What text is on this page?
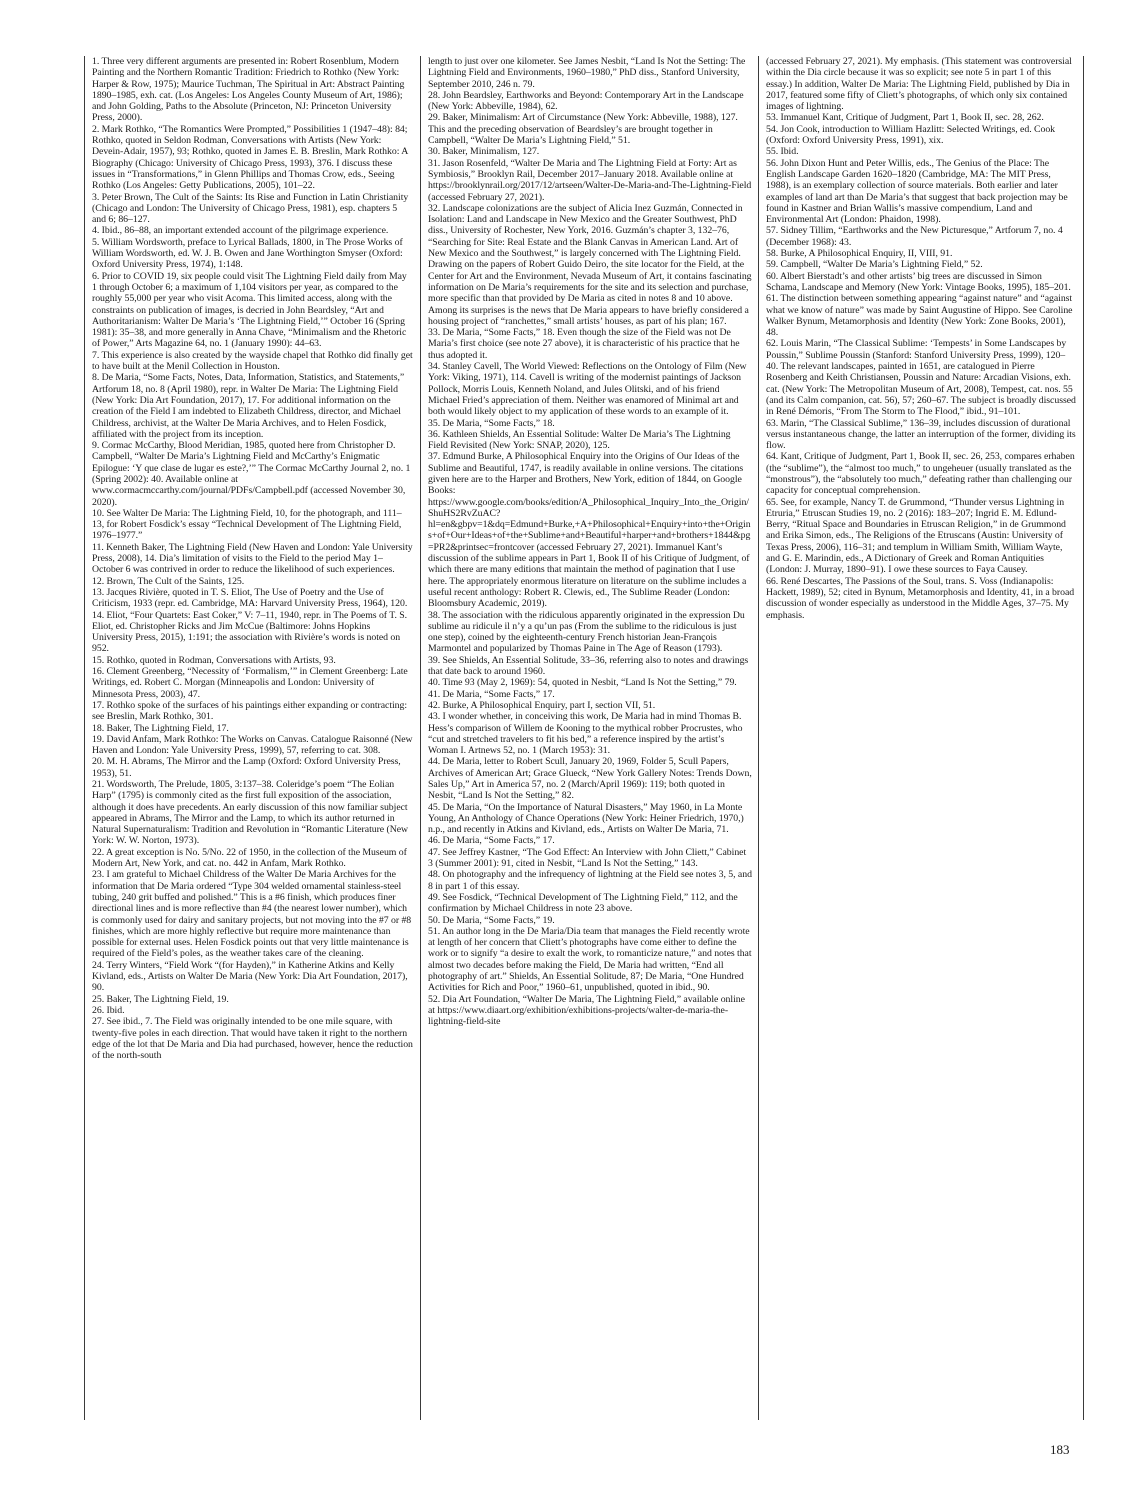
1. Three very different arguments are presented in: Robert Rosenblum, Modern Painting and the Northern Romantic Tradition: Friedrich to Rothko (New York: Harper & Row, 1975); Maurice Tuchman, The Spiritual in Art: Abstract Painting 1890–1985, exh. cat. (Los Angeles: Los Angeles County Museum of Art, 1986); and John Golding, Paths to the Absolute (Princeton, NJ: Princeton University Press, 2000).

2. Mark Rothko, “The Romantics Were Prompted,” Possibilities 1 (1947–48): 84; Rothko, quoted in Seldon Rodman, Conversations with Artists (New York: Devein-Adair, 1957), 93; Rothko, quoted in James E. B. Breslin, Mark Rothko: A Biography (Chicago: University of Chicago Press, 1993), 376. I discuss these issues in “Transformations,” in Glenn Phillips and Thomas Crow, eds., Seeing Rothko (Los Angeles: Getty Publications, 2005), 101–22.

3. Peter Brown, The Cult of the Saints: Its Rise and Function in Latin Christianity (Chicago and London: The University of Chicago Press, 1981), esp. chapters 5 and 6; 86–127.

4. Ibid., 86–88, an important extended account of the pilgrimage experience.

5. William Wordsworth, preface to Lyrical Ballads, 1800, in The Prose Works of William Wordsworth, ed. W. J. B. Owen and Jane Worthington Smyser (Oxford: Oxford University Press, 1974), 1:148.

6. Prior to COVID 19, six people could visit The Lightning Field daily from May 1 through October 6; a maximum of 1,104 visitors per year, as compared to the roughly 55,000 per year who visit Acoma. This limited access, along with the constraints on publication of images, is decried in John Beardsley, “Art and Authoritarianism: Walter De Maria’s ‘The Lightning Field,’” October 16 (Spring 1981): 35–38, and more generally in Anna Chave, “Minimalism and the Rhetoric of Power,” Arts Magazine 64, no. 1 (January 1990): 44–63.

7. This experience is also created by the wayside chapel that Rothko did finally get to have built at the Menil Collection in Houston.

8. De Maria, “Some Facts, Notes, Data, Information, Statistics, and Statements,” Artforum 18, no. 8 (April 1980), repr. in Walter De Maria: The Lightning Field (New York: Dia Art Foundation, 2017), 17. For additional information on the creation of the Field I am indebted to Elizabeth Childress, director, and Michael Childress, archivist, at the Walter De Maria Archives, and to Helen Fosdick, affiliated with the project from its inception.

9. Cormac McCarthy, Blood Meridian, 1985, quoted here from Christopher D. Campbell, “Walter De Maria’s Lightning Field and McCarthy’s Enigmatic Epilogue: ‘Y que clase de lugar es este?,’” The Cormac McCarthy Journal 2, no. 1 (Spring 2002): 40. Available online at www.cormacmccarthy.com/journal/PDFs/Campbell.pdf (accessed November 30, 2020).

10. See Walter De Maria: The Lightning Field, 10, for the photograph, and 111–13, for Robert Fosdick’s essay “Technical Development of The Lightning Field, 1976–1977.”

11. Kenneth Baker, The Lightning Field (New Haven and London: Yale University Press, 2008), 14. Dia’s limitation of visits to the Field to the period May 1–October 6 was contrived in order to reduce the likelihood of such experiences.

12. Brown, The Cult of the Saints, 125.

13. Jacques Rivière, quoted in T. S. Eliot, The Use of Poetry and the Use of Criticism, 1933 (repr. ed. Cambridge, MA: Harvard University Press, 1964), 120.

14. Eliot, “Four Quartets: East Coker,” V: 7–11, 1940, repr. in The Poems of T. S. Eliot, ed. Christopher Ricks and Jim McCue (Baltimore: Johns Hopkins University Press, 2015), 1:191; the association with Rivière’s words is noted on 952.

15. Rothko, quoted in Rodman, Conversations with Artists, 93.

16. Clement Greenberg, “Necessity of ‘Formalism,’” in Clement Greenberg: Late Writings, ed. Robert C. Morgan (Minneapolis and London: University of Minnesota Press, 2003), 47.

17. Rothko spoke of the surfaces of his paintings either expanding or contracting: see Breslin, Mark Rothko, 301.

18. Baker, The Lightning Field, 17.

19. David Anfam, Mark Rothko: The Works on Canvas. Catalogue Raisonné (New Haven and London: Yale University Press, 1999), 57, referring to cat. 308.

20. M. H. Abrams, The Mirror and the Lamp (Oxford: Oxford University Press, 1953), 51.

21. Wordsworth, The Prelude, 1805, 3:137–38. Coleridge’s poem “The Eolian Harp” (1795) is commonly cited as the first full exposition of the association, although it does have precedents. An early discussion of this now familiar subject appeared in Abrams, The Mirror and the Lamp, to which its author returned in Natural Supernaturalism: Tradition and Revolution in “Romantic Literature (New York: W. W. Norton, 1973).

22. A great exception is No. 5/No. 22 of 1950, in the collection of the Museum of Modern Art, New York, and cat. no. 442 in Anfam, Mark Rothko.

23. I am grateful to Michael Childress of the Walter De Maria Archives for the information that De Maria ordered “Type 304 welded ornamental stainless-steel tubing, 240 grit buffed and polished.” This is a #6 finish, which produces finer directional lines and is more reflective than #4 (the nearest lower number), which is commonly used for dairy and sanitary projects, but not moving into the #7 or #8 finishes, which are more highly reflective but require more maintenance than possible for external uses. Helen Fosdick points out that very little maintenance is required of the Field’s poles, as the weather takes care of the cleaning.

24. Terry Winters, “Field Work “(for Hayden),” in Katherine Atkins and Kelly Kivland, eds., Artists on Walter De Maria (New York: Dia Art Foundation, 2017), 90.

25. Baker, The Lightning Field, 19.

26. Ibid.

27. See ibid., 7. The Field was originally intended to be one mile square, with twenty-five poles in each direction. That would have taken it right to the northern edge of the lot that De Maria and Dia had purchased, however, hence the reduction of the north-south

length to just over one kilometer. See James Nesbit, “Land Is Not the Setting: The Lightning Field and Environments, 1960–1980,” PhD diss., Stanford University, September 2010, 246 n. 79.

28. John Beardsley, Earthworks and Beyond: Contemporary Art in the Landscape (New York: Abbeville, 1984), 62.

29. Baker, Minimalism: Art of Circumstance (New York: Abbeville, 1988), 127. This and the preceding observation of Beardsley’s are brought together in Campbell, “Walter De Maria’s Lightning Field,” 51.

30. Baker, Minimalism, 127.

31. Jason Rosenfeld, “Walter De Maria and The Lightning Field at Forty: Art as Symbiosis,” Brooklyn Rail, December 2017–January 2018. Available online at https://brooklynrail.org/2017/12/artseen/Walter-De-Maria-and-The-Lightning-Field (accessed February 27, 2021).

32. Landscape colonizations are the subject of Alicia Inez Guzmán, Connected in Isolation: Land and Landscape in New Mexico and the Greater Southwest, PhD diss., University of Rochester, New York, 2016. Guzmán’s chapter 3, 132–76, “Searching for Site: Real Estate and the Blank Canvas in American Land. Art of New Mexico and the Southwest,” is largely concerned with The Lightning Field. Drawing on the papers of Robert Guido Deiro, the site locator for the Field, at the Center for Art and the Environment, Nevada Museum of Art, it contains fascinating information on De Maria’s requirements for the site and its selection and purchase, more specific than that provided by De Maria as cited in notes 8 and 10 above. Among its surprises is the news that De Maria appears to have briefly considered a housing project of “ranchettes,” small artists’ houses, as part of his plan; 167.

33. De Maria, “Some Facts,” 18. Even though the size of the Field was not De Maria’s first choice (see note 27 above), it is characteristic of his practice that he thus adopted it.

34. Stanley Cavell, The World Viewed: Reflections on the Ontology of Film (New York: Viking, 1971), 114. Cavell is writing of the modernist paintings of Jackson Pollock, Morris Louis, Kenneth Noland, and Jules Olitski, and of his friend Michael Fried’s appreciation of them. Neither was enamored of Minimal art and both would likely object to my application of these words to an example of it.

35. De Maria, “Some Facts,” 18.

36. Kathleen Shields, An Essential Solitude: Walter De Maria’s The Lightning Field Revisited (New York: SNAP, 2020), 125.

37. Edmund Burke, A Philosophical Enquiry into the Origins of Our Ideas of the Sublime and Beautiful, 1747, is readily available in online versions. The citations given here are to the Harper and Brothers, New York, edition of 1844, on Google Books: https://www.google.com/books/edition/A_Philosophical_Inquiry_Into_the_Origin/ShuHS2RvZuAC?hl=en&gbpv=1&dq=Edmund+Burke,+A+Philosophical+Enquiry+into+the+Origins+of+Our+Ideas+of+the+Sublime+and+Beautiful+harper+and+brothers+1844&pg=PR2&printsec=frontcover (accessed February 27, 2021). Immanuel Kant’s discussion of the sublime appears in Part 1, Book II of his Critique of Judgment, of which there are many editions that maintain the method of pagination that I use here. The appropriately enormous literature on literature on the sublime includes a useful recent anthology: Robert R. Clewis, ed., The Sublime Reader (London: Bloomsbury Academic, 2019).

38. The association with the ridiculous apparently originated in the expression Du sublime au ridicule il n’y a qu’un pas (From the sublime to the ridiculous is just one step), coined by the eighteenth-century French historian Jean-François Marmontel and popularized by Thomas Paine in The Age of Reason (1793).

39. See Shields, An Essential Solitude, 33–36, referring also to notes and drawings that date back to around 1960.

40. Time 93 (May 2, 1969): 54, quoted in Nesbit, “Land Is Not the Setting,” 79.

41. De Maria, “Some Facts,” 17.

42. Burke, A Philosophical Enquiry, part I, section VII, 51.

43. I wonder whether, in conceiving this work, De Maria had in mind Thomas B. Hess’s comparison of Willem de Kooning to the mythical robber Procrustes, who “cut and stretched travelers to fit his bed,” a reference inspired by the artist’s Woman I. Artnews 52, no. 1 (March 1953): 31.

44. De Maria, letter to Robert Scull, January 20, 1969, Folder 5, Scull Papers, Archives of American Art; Grace Glueck, “New York Gallery Notes: Trends Down, Sales Up,” Art in America 57, no. 2 (March/April 1969): 119; both quoted in Nesbit, “Land Is Not the Setting,” 82.

45. De Maria, “On the Importance of Natural Disasters,” May 1960, in La Monte Young, An Anthology of Chance Operations (New York: Heiner Friedrich, 1970,) n.p., and recently in Atkins and Kivland, eds., Artists on Walter De Maria, 71.

46. De Maria, “Some Facts,” 17.

47. See Jeffrey Kastner, “The God Effect: An Interview with John Cliett,” Cabinet 3 (Summer 2001): 91, cited in Nesbit, “Land Is Not the Setting,” 143.

48. On photography and the infrequency of lightning at the Field see notes 3, 5, and 8 in part 1 of this essay.

49. See Fosdick, “Technical Development of The Lightning Field,” 112, and the confirmation by Michael Childress in note 23 above.

50. De Maria, “Some Facts,” 19.

51. An author long in the De Maria/Dia team that manages the Field recently wrote at length of her concern that Cliett’s photographs have come either to define the work or to signify “a desire to exalt the work, to romanticize nature,” and notes that almost two decades before making the Field, De Maria had written, “End all photography of art.” Shields, An Essential Solitude, 87; De Maria, “One Hundred Activities for Rich and Poor,” 1960–61, unpublished, quoted in ibid., 90.

52. Dia Art Foundation, “Walter De Maria, The Lightning Field,” available online at https://www.diaart.org/exhibition/exhibitions-projects/walter-de-maria-the-lightning-field-site

(accessed February 27, 2021). My emphasis. (This statement was controversial within the Dia circle because it was so explicit; see note 5 in part 1 of this essay.) In addition, Walter De Maria: The Lightning Field, published by Dia in 2017, featured some fifty of Cliett’s photographs, of which only six contained images of lightning.

53. Immanuel Kant, Critique of Judgment, Part 1, Book II, sec. 28, 262.

54. Jon Cook, introduction to William Hazlitt: Selected Writings, ed. Cook (Oxford: Oxford University Press, 1991), xix.

55. Ibid.

56. John Dixon Hunt and Peter Willis, eds., The Genius of the Place: The English Landscape Garden 1620–1820 (Cambridge, MA: The MIT Press, 1988), is an exemplary collection of source materials. Both earlier and later examples of land art than De Maria’s that suggest that back projection may be found in Kastner and Brian Wallis’s massive compendium, Land and Environmental Art (London: Phaidon, 1998).

57. Sidney Tillim, “Earthworks and the New Picturesque,” Artforum 7, no. 4 (December 1968): 43.

58. Burke, A Philosophical Enquiry, II, VIII, 91.

59. Campbell, “Walter De Maria’s Lightning Field,” 52.

60. Albert Bierstadt’s and other artists’ big trees are discussed in Simon Schama, Landscape and Memory (New York: Vintage Books, 1995), 185–201.

61. The distinction between something appearing “against nature” and “against what we know of nature” was made by Saint Augustine of Hippo. See Caroline Walker Bynum, Metamorphosis and Identity (New York: Zone Books, 2001), 48.

62. Louis Marin, “The Classical Sublime: ‘Tempests’ in Some Landscapes by Poussin,” Sublime Poussin (Stanford: Stanford University Press, 1999), 120–40. The relevant landscapes, painted in 1651, are catalogued in Pierre Rosenberg and Keith Christiansen, Poussin and Nature: Arcadian Visions, exh. cat. (New York: The Metropolitan Museum of Art, 2008), Tempest, cat. nos. 55 (and its Calm companion, cat. 56), 57; 260–67. The subject is broadly discussed in René Démoris, “From The Storm to The Flood,” ibid., 91–101.

63. Marin, “The Classical Sublime,” 136–39, includes discussion of durational versus instantaneous change, the latter an interruption of the former, dividing its flow.

64. Kant, Critique of Judgment, Part 1, Book II, sec. 26, 253, compares erhaben (the “sublime”), the “almost too much,” to ungeheuer (usually translated as the “monstrous”), the “absolutely too much,” defeating rather than challenging our capacity for conceptual comprehension.

65. See, for example, Nancy T. de Grummond, “Thunder versus Lightning in Etruria,” Etruscan Studies 19, no. 2 (2016): 183–207; Ingrid E. M. Edlund-Berry, “Ritual Space and Boundaries in Etruscan Religion,” in de Grummond and Erika Simon, eds., The Religions of the Etruscans (Austin: University of Texas Press, 2006), 116–31; and templum in William Smith, William Wayte, and G. E. Marindin, eds., A Dictionary of Greek and Roman Antiquities (London: J. Murray, 1890–91). I owe these sources to Faya Causey.

66. René Descartes, The Passions of the Soul, trans. S. Voss (Indianapolis: Hackett, 1989), 52; cited in Bynum, Metamorphosis and Identity, 41, in a broad discussion of wonder especially as understood in the Middle Ages, 37–75. My emphasis.

183
